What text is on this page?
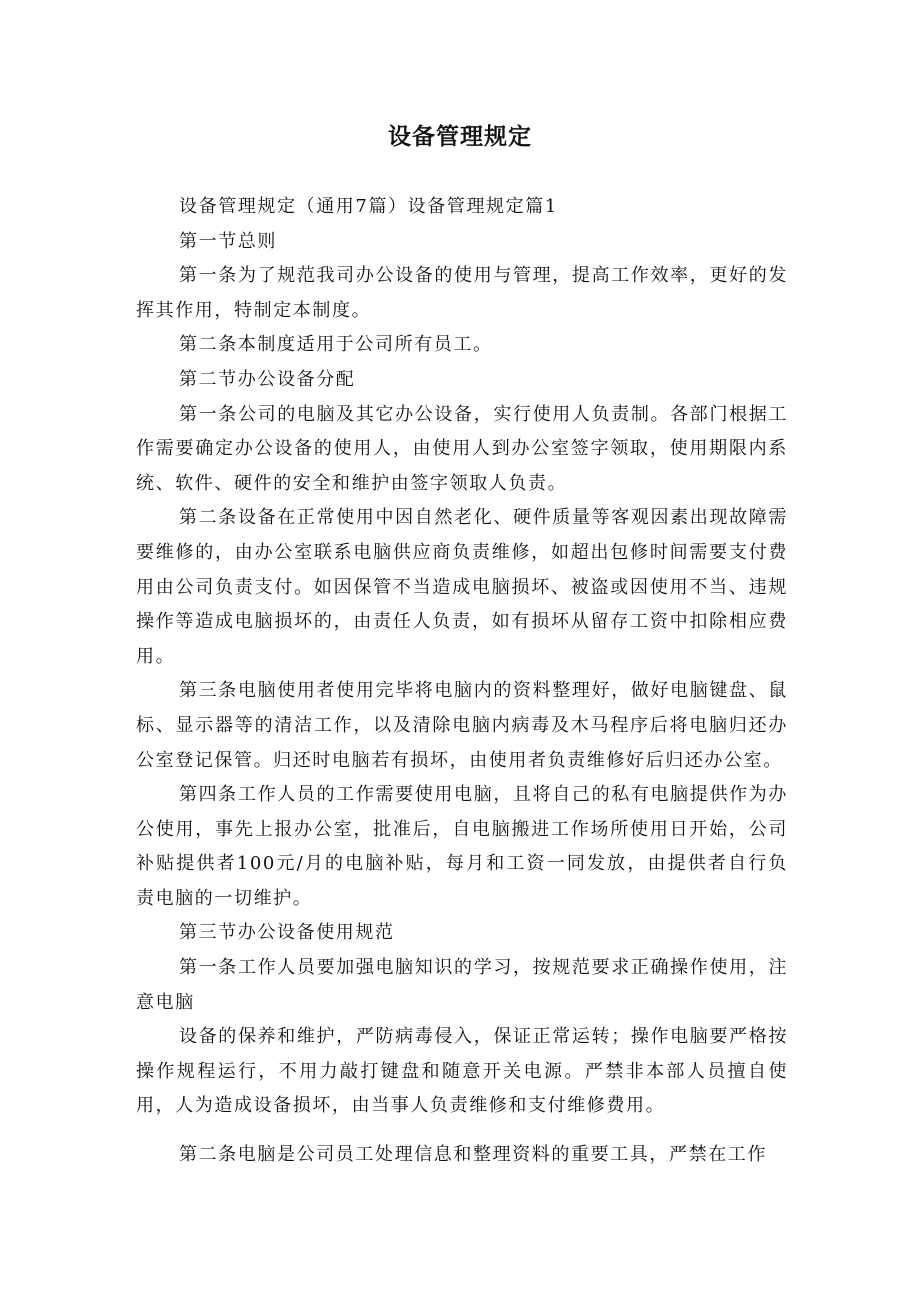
设备管理规定

设备管理规定（通用7篇）设备管理规定篇1

第一节总则

第一条为了规范我司办公设备的使用与管理，提高工作效率，更好的发挥其作用，特制定本制度。

第二条本制度适用于公司所有员工。

第二节办公设备分配

第一条公司的电脑及其它办公设备，实行使用人负责制。各部门根据工作需要确定办公设备的使用人，由使用人到办公室签字领取，使用期限内系统、软件、硬件的安全和维护由签字领取人负责。

第二条设备在正常使用中因自然老化、硬件质量等客观因素出现故障需要维修的，由办公室联系电脑供应商负责维修，如超出包修时间需要支付费用由公司负责支付。如因保管不当造成电脑损坏、被盗或因使用不当、违规操作等造成电脑损坏的，由责任人负责，如有损坏从留存工资中扣除相应费用。

第三条电脑使用者使用完毕将电脑内的资料整理好，做好电脑键盘、鼠标、显示器等的清洁工作，以及清除电脑内病毒及木马程序后将电脑归还办公室登记保管。归还时电脑若有损坏，由使用者负责维修好后归还办公室。

第四条工作人员的工作需要使用电脑，且将自己的私有电脑提供作为办公使用，事先上报办公室，批准后，自电脑搬进工作场所使用日开始，公司补贴提供者100元/月的电脑补贴，每月和工资一同发放，由提供者自行负责电脑的一切维护。

第三节办公设备使用规范

第一条工作人员要加强电脑知识的学习，按规范要求正确操作使用，注意电脑

设备的保养和维护，严防病毒侵入，保证正常运转；操作电脑要严格按操作规程运行，不用力敲打键盘和随意开关电源。严禁非本部人员擅自使用，人为造成设备损坏，由当事人负责维修和支付维修费用。

第二条电脑是公司员工处理信息和整理资料的重要工具，严禁在工作
